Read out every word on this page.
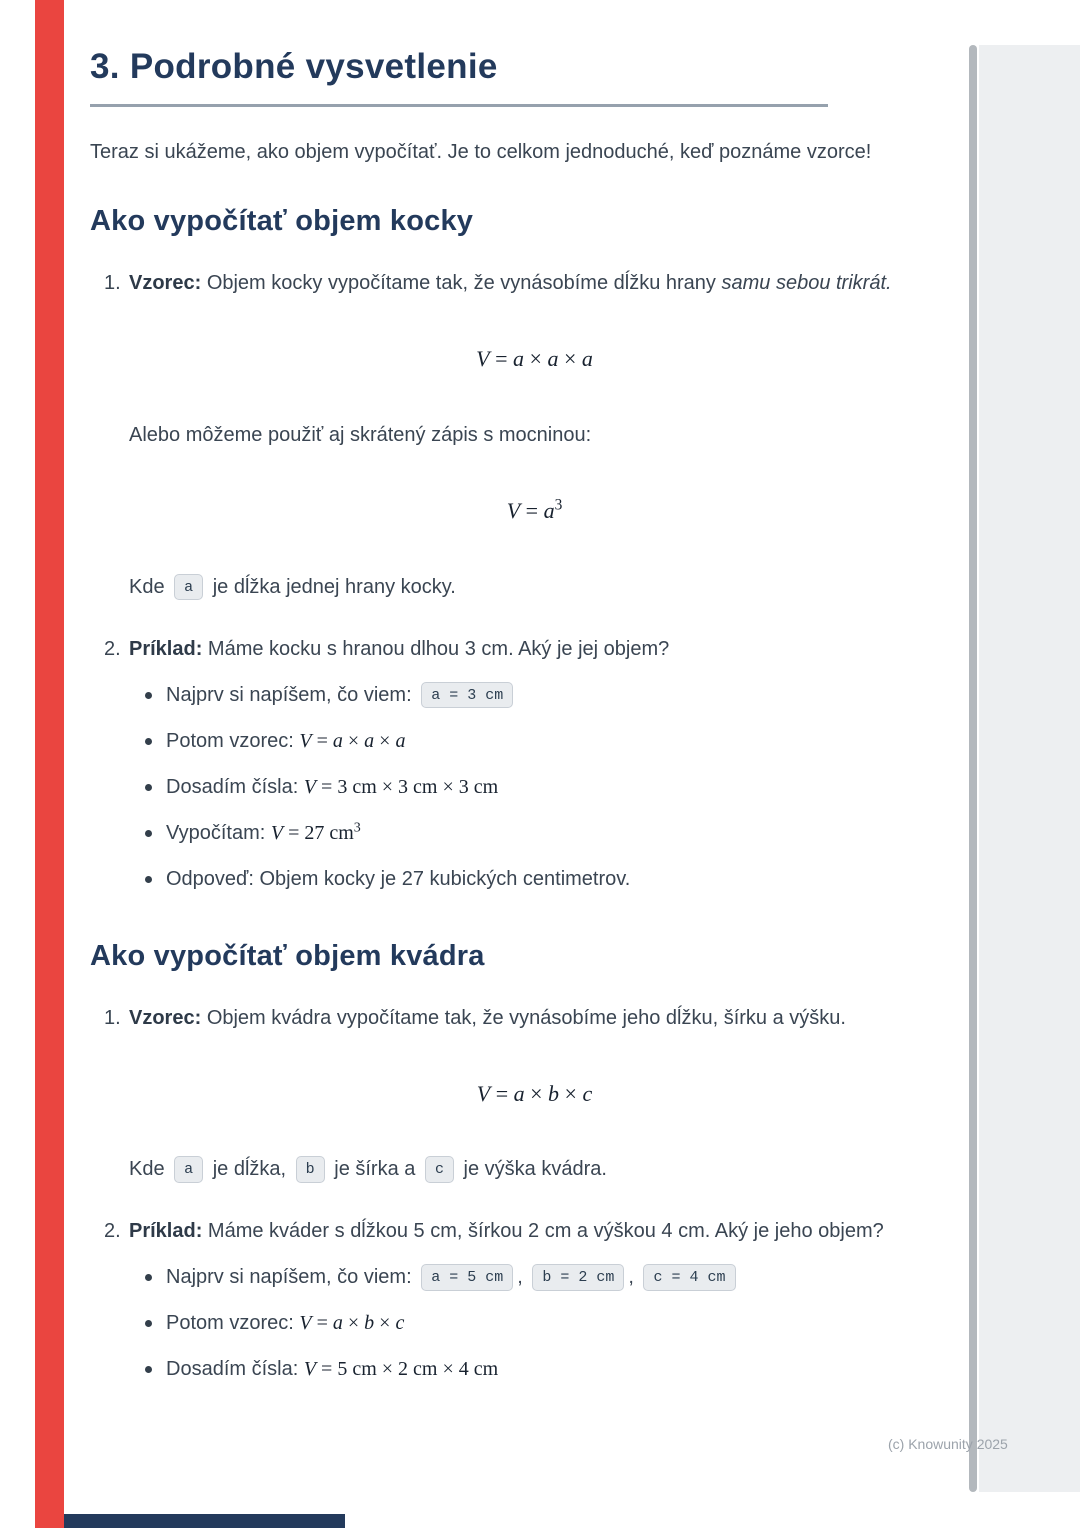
(c) Knowunity 2025
3. Podrobné vysvetlenie

Teraz si ukážeme, ako objem vypočítať. Je to celkom jednoduché, keď poznáme vzorce!

Ako vypočítať objem kocky
1. Vzorec: Objem kocky vypočítame tak, že vynásobíme dĺžku hrany samu sebou trikrát.

V = a × a × a

Alebo môžeme použiť aj skrátený zápis s mocninou:

$V = a^3$

Kde a je dĺžka jednej hrany kocky.

2. Príklad: Máme kocku s hranou dlhou 3 cm. Aký je jej objem?

Najprv si napíšem, čo viem: a = 3 cm

Potom vzorec: V = a × a × a

Dosadím čísla: V = 3 cm × 3 cm × 3 cm

Vypočítam: V = 27 $cm^3$

Odpoveď: Objem kocky je 27 kubických centimetrov.

Ako vypočítať objem kvádra
1. Vzorec: Objem kvádra vypočítame tak, že vynásobíme jeho dĺžku, šírku a výšku.

V = a × b × c

Kde a je dĺžka, b je šírka a c je výška kvádra.

2. Príklad: Máme kváder s dĺžkou 5 cm, šírkou 2 cm a výškou 4 cm. Aký je jeho objem?

Najprv si napíšem, čo viem: a = 5 cm , b = 2 cm , c = 4 cm

Potom vzorec: V = a × b × c

Dosadím čísla: V = 5 cm × 2 cm × 4 cm
